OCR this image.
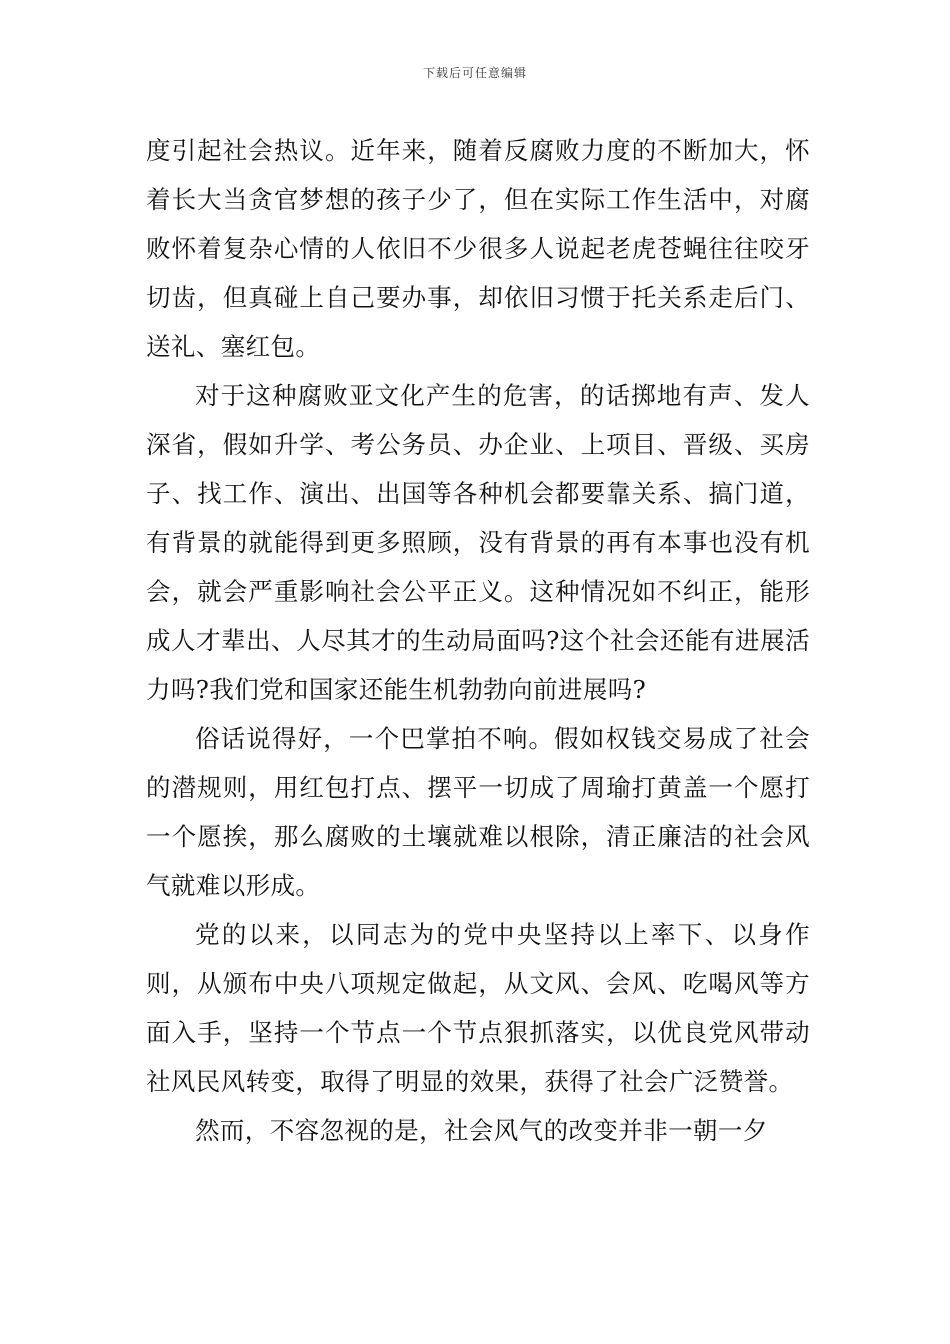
下载后可任意编辑

度引起社会热议。近年来，随着反腐败力度的不断加大，怀着长大当贪官梦想的孩子少了，但在实际工作生活中，对腐败怀着复杂心情的人依旧不少很多人说起老虎苍蝇往往咬牙切齿，但真碰上自己要办事，却依旧习惯于托关系走后门、送礼、塞红包。

对于这种腐败亚文化产生的危害，的话掷地有声、发人深省，假如升学、考公务员、办企业、上项目、晋级、买房子、找工作、演出、出国等各种机会都要靠关系、搞门道，有背景的就能得到更多照顾，没有背景的再有本事也没有机会，就会严重影响社会公平正义。这种情况如不纠正，能形成人才辈出、人尽其才的生动局面吗?这个社会还能有进展活力吗?我们党和国家还能生机勃勃向前进展吗?

俗话说得好，一个巴掌拍不响。假如权钱交易成了社会的潜规则，用红包打点、摆平一切成了周瑜打黄盖一个愿打一个愿挨，那么腐败的土壤就难以根除，清正廉洁的社会风气就难以形成。

党的以来，以同志为的党中央坚持以上率下、以身作则，从颁布中央八项规定做起，从文风、会风、吃喝风等方面入手，坚持一个节点一个节点狠抓落实，以优良党风带动社风民风转变，取得了明显的效果，获得了社会广泛赞誉。

然而，不容忽视的是，社会风气的改变并非一朝一夕
